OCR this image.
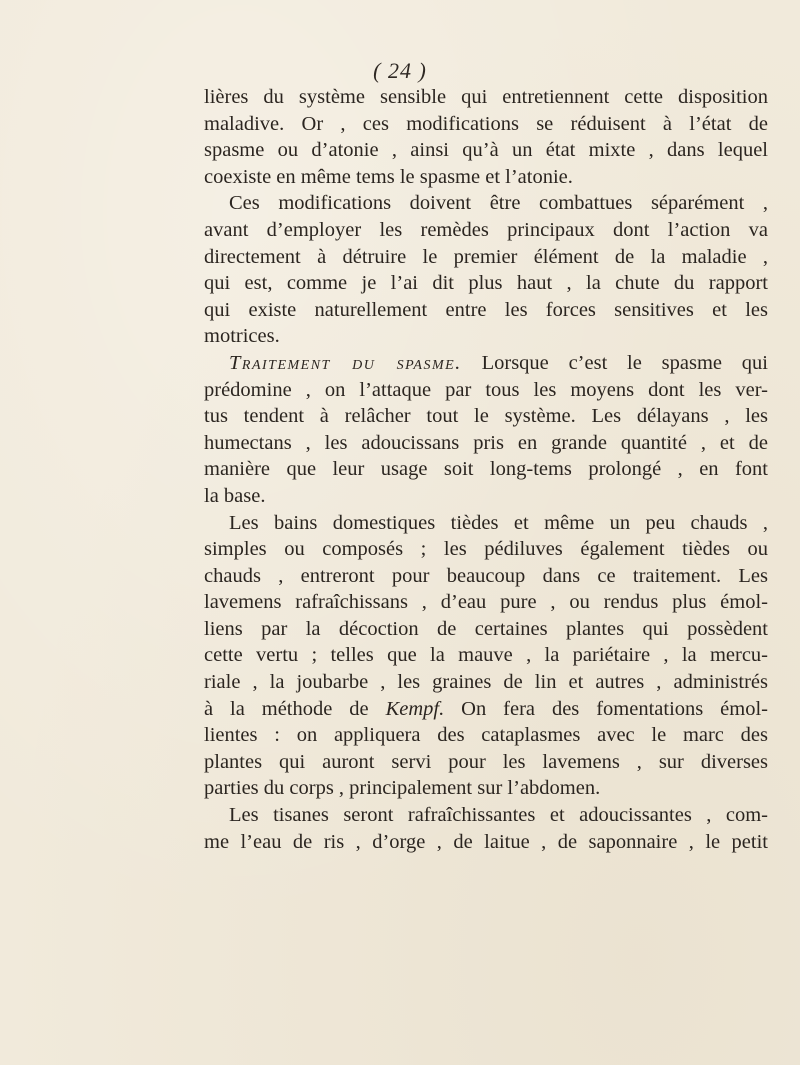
( 24 )

lières du système sensible qui entretiennent cette disposition
maladive. Or , ces modifications se réduisent à l’état de
spasme ou d’atonie , ainsi qu’à un état mixte , dans lequel
coexiste en même tems le spasme et l’atonie.

Ces modifications doivent être combattues séparément ,
avant d’employer les remèdes principaux dont l’action va
directement à détruire le premier élément de la maladie ,
qui est, comme je l’ai dit plus haut , la chute du rapport
qui existe naturellement entre les forces sensitives et les
motrices.

Traitement du spasme. Lorsque c’est le spasme qui
prédomine , on l’attaque par tous les moyens dont les ver-
tus tendent à relâcher tout le système. Les délayans , les
humectans , les adoucissans pris en grande quantité , et de
manière que leur usage soit long-tems prolongé , en font
la base.

Les bains domestiques tièdes et même un peu chauds ,
simples ou composés ; les pédiluves également tièdes ou
chauds , entreront pour beaucoup dans ce traitement. Les
lavemens rafraîchissans , d’eau pure , ou rendus plus émol-
liens par la décoction de certaines plantes qui possèdent
cette vertu ; telles que la mauve , la pariétaire , la mercu-
riale , la joubarbe , les graines de lin et autres , administrés
à la méthode de Kempf. On fera des fomentations émol-
lientes : on appliquera des cataplasmes avec le marc des
plantes qui auront servi pour les lavemens , sur diverses
parties du corps , principalement sur l’abdomen.

Les tisanes seront rafraîchissantes et adoucissantes , com-
me l’eau de ris , d’orge , de laitue , de saponnaire , le petit
